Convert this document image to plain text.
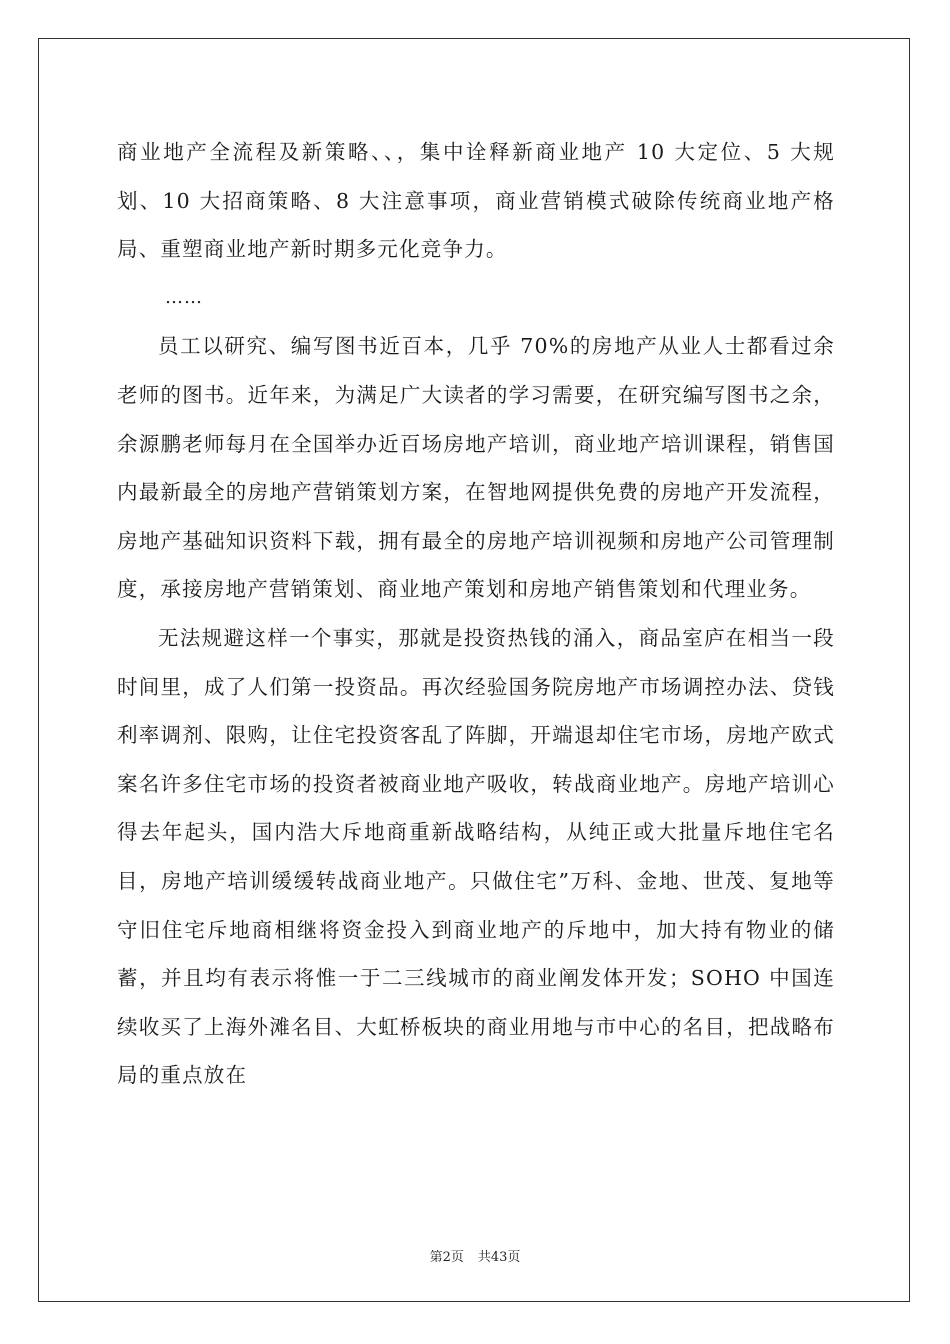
商业地产全流程及新策略、、，集中诠释新商业地产 10 大定位、5 大规划、10 大招商策略、8 大注意事项，商业营销模式破除传统商业地产格局、重塑商业地产新时期多元化竞争力。

……

员工以研究、编写图书近百本，几乎 70%的房地产从业人士都看过余老师的图书。近年来，为满足广大读者的学习需要，在研究编写图书之余，余源鹏老师每月在全国举办近百场房地产培训，商业地产培训课程，销售国内最新最全的房地产营销策划方案，在智地网提供免费的房地产开发流程，房地产基础知识资料下载，拥有最全的房地产培训视频和房地产公司管理制度，承接房地产营销策划、商业地产策划和房地产销售策划和代理业务。

无法规避这样一个事实，那就是投资热钱的涌入，商品室庐在相当一段时间里，成了人们第一投资品。再次经验国务院房地产市场调控办法、贷钱利率调剂、限购，让住宅投资客乱了阵脚，开端退却住宅市场，房地产欧式案名许多住宅市场的投资者被商业地产吸收，转战商业地产。房地产培训心得去年起头，国内浩大斥地商重新战略结构，从纯正或大批量斥地住宅名目，房地产培训缓缓转战商业地产。只做住宅”万科、金地、世茂、复地等守旧住宅斥地商相继将资金投入到商业地产的斥地中，加大持有物业的储蓄，并且均有表示将惟一于二三线城市的商业阐发体开发；SOHO 中国连续收买了上海外滩名目、大虹桥板块的商业用地与市中心的名目，把战略布局的重点放在

第2页 共43页
